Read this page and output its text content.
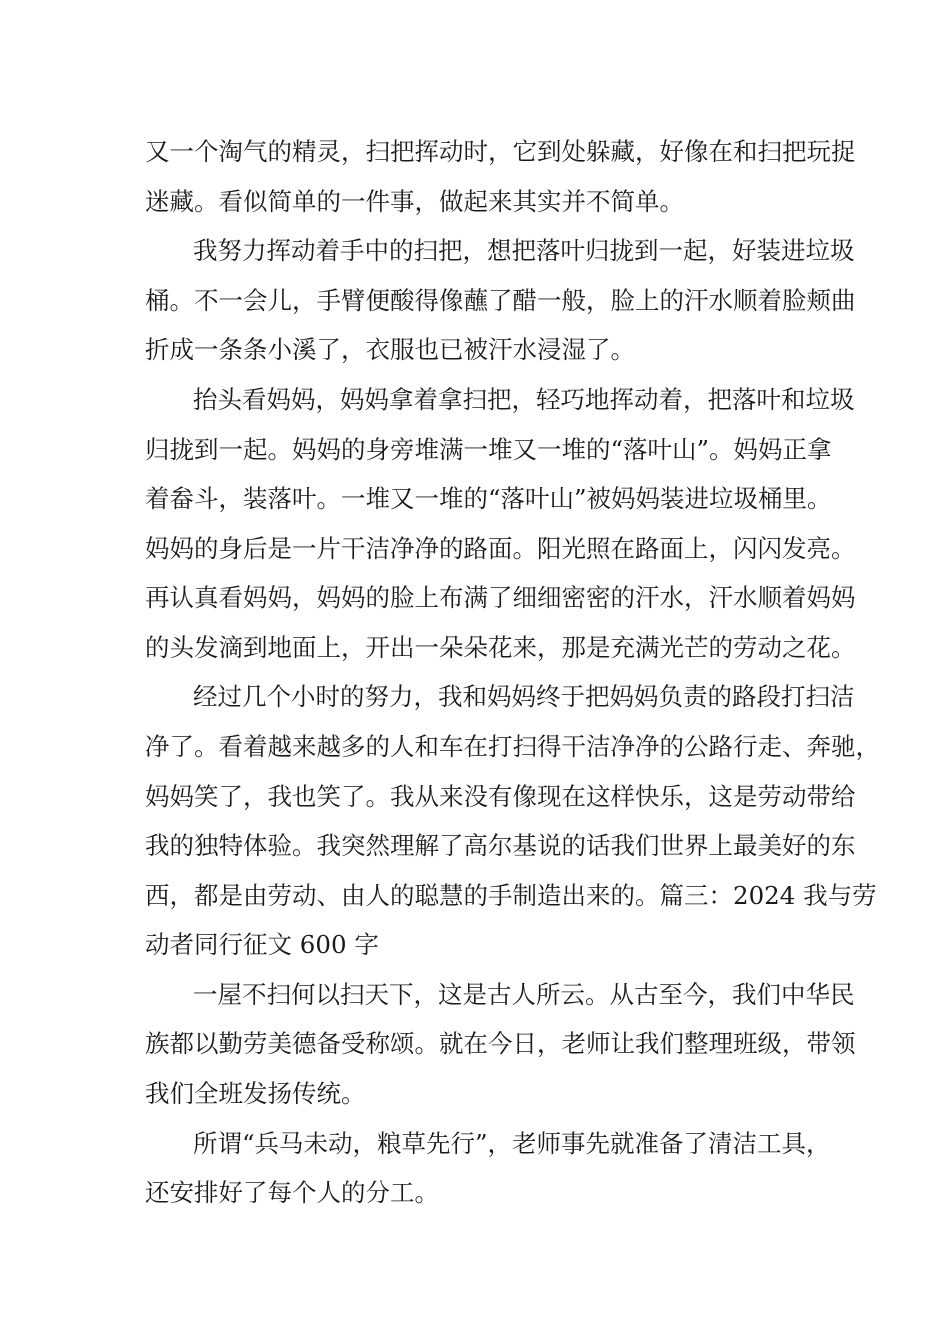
又一个淘气的精灵，扫把挥动时，它到处躲藏，好像在和扫把玩捉
迷藏。看似简单的一件事，做起来其实并不简单。
我努力挥动着手中的扫把，想把落叶归拢到一起，好装进垃圾
桶。不一会儿，手臂便酸得像蘸了醋一般，脸上的汗水顺着脸颊曲
折成一条条小溪了，衣服也已被汗水浸湿了。
抬头看妈妈，妈妈拿着拿扫把，轻巧地挥动着，把落叶和垃圾
归拢到一起。妈妈的身旁堆满一堆又一堆的“落叶山”。妈妈正拿
着畚斗，装落叶。一堆又一堆的“落叶山”被妈妈装进垃圾桶里。
妈妈的身后是一片干洁净净的路面。阳光照在路面上，闪闪发亮。
再认真看妈妈，妈妈的脸上布满了细细密密的汗水，汗水顺着妈妈
的头发滴到地面上，开出一朵朵花来，那是充满光芒的劳动之花。
经过几个小时的努力，我和妈妈终于把妈妈负责的路段打扫洁
净了。看着越来越多的人和车在打扫得干洁净净的公路行走、奔驰，
妈妈笑了，我也笑了。我从来没有像现在这样快乐，这是劳动带给
我的独特体验。我突然理解了高尔基说的话我们世界上最美好的东
西，都是由劳动、由人的聪慧的手制造出来的。篇三：2024 我与劳
动者同行征文 600 字
一屋不扫何以扫天下，这是古人所云。从古至今，我们中华民
族都以勤劳美德备受称颂。就在今日，老师让我们整理班级，带领
我们全班发扬传统。
所谓“兵马未动，粮草先行”，老师事先就准备了清洁工具，
还安排好了每个人的分工。
